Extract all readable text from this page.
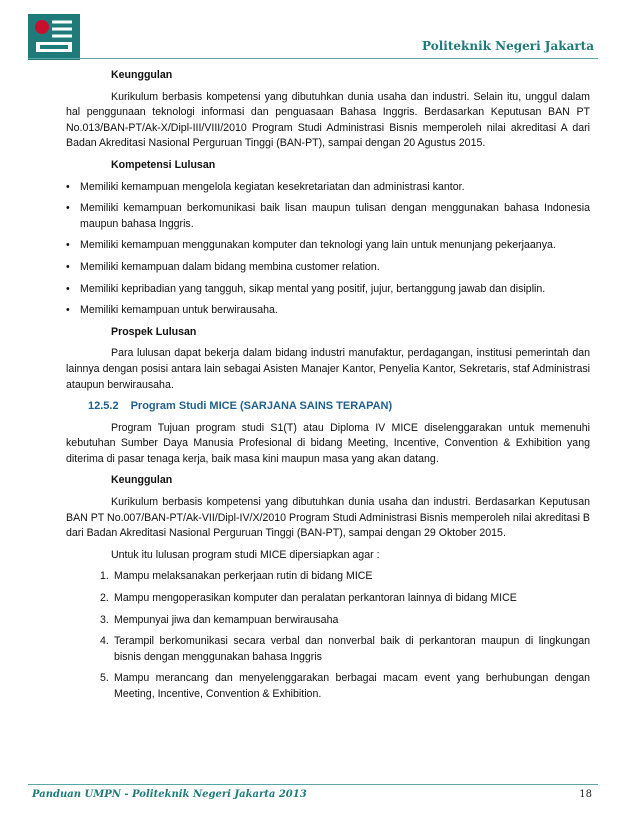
Politeknik Negeri Jakarta
Keunggulan

Kurikulum berbasis kompetensi yang dibutuhkan dunia usaha dan industri. Selain itu, unggul dalam hal penggunaan teknologi informasi dan penguasaan Bahasa Inggris. Berdasarkan Keputusan BAN PT No.013/BAN-PT/Ak-X/Dipl-III/VIII/2010 Program Studi Administrasi Bisnis memperoleh nilai akreditasi A dari Badan Akreditasi Nasional Perguruan Tinggi (BAN-PT), sampai dengan 20 Agustus 2015.

Kompetensi Lulusan
• Memiliki kemampuan mengelola kegiatan kesekretariatan dan administrasi kantor.
• Memiliki kemampuan berkomunikasi baik lisan maupun tulisan dengan menggunakan bahasa Indonesia maupun bahasa Inggris.
• Memiliki kemampuan menggunakan komputer dan teknologi yang lain untuk menunjang pekerjaanya.
• Memiliki kemampuan dalam bidang membina customer relation.
• Memiliki kepribadian yang tangguh, sikap mental yang positif, jujur, bertanggung jawab dan disiplin.
• Memiliki kemampuan untuk berwirausaha.
Prospek Lulusan

Para lulusan dapat bekerja dalam bidang industri manufaktur, perdagangan, institusi pemerintah dan lainnya dengan posisi antara lain sebagai Asisten Manajer Kantor, Penyelia Kantor, Sekretaris, staf Administrasi ataupun berwirausaha.

12.5.2 Program Studi MICE (SARJANA SAINS TERAPAN)

Program Tujuan program studi S1(T) atau Diploma IV MICE diselenggarakan untuk memenuhi kebutuhan Sumber Daya Manusia Profesional di bidang Meeting, Incentive, Convention & Exhibition yang diterima di pasar tenaga kerja, baik masa kini maupun masa yang akan datang.

Keunggulan

Kurikulum berbasis kompetensi yang dibutuhkan dunia usaha dan industri. Berdasarkan Keputusan BAN PT No.007/BAN-PT/Ak-VII/Dipl-IV/X/2010 Program Studi Administrasi Bisnis memperoleh nilai akreditasi B dari Badan Akreditasi Nasional Perguruan Tinggi (BAN-PT), sampai dengan 29 Oktober 2015.

Untuk itu lulusan program studi MICE dipersiapkan agar :
1. Mampu melaksanakan perkerjaan rutin di bidang MICE
2. Mampu mengoperasikan komputer dan peralatan perkantoran lainnya di bidang MICE
3. Mempunyai jiwa dan kemampuan berwirausaha
4. Terampil berkomunikasi secara verbal dan nonverbal baik di perkantoran maupun di lingkungan bisnis dengan menggunakan bahasa Inggris
5. Mampu merancang dan menyelenggarakan berbagai macam event yang berhubungan dengan Meeting, Incentive, Convention & Exhibition.
Panduan UMPN - Politeknik Negeri Jakarta 2013	18
